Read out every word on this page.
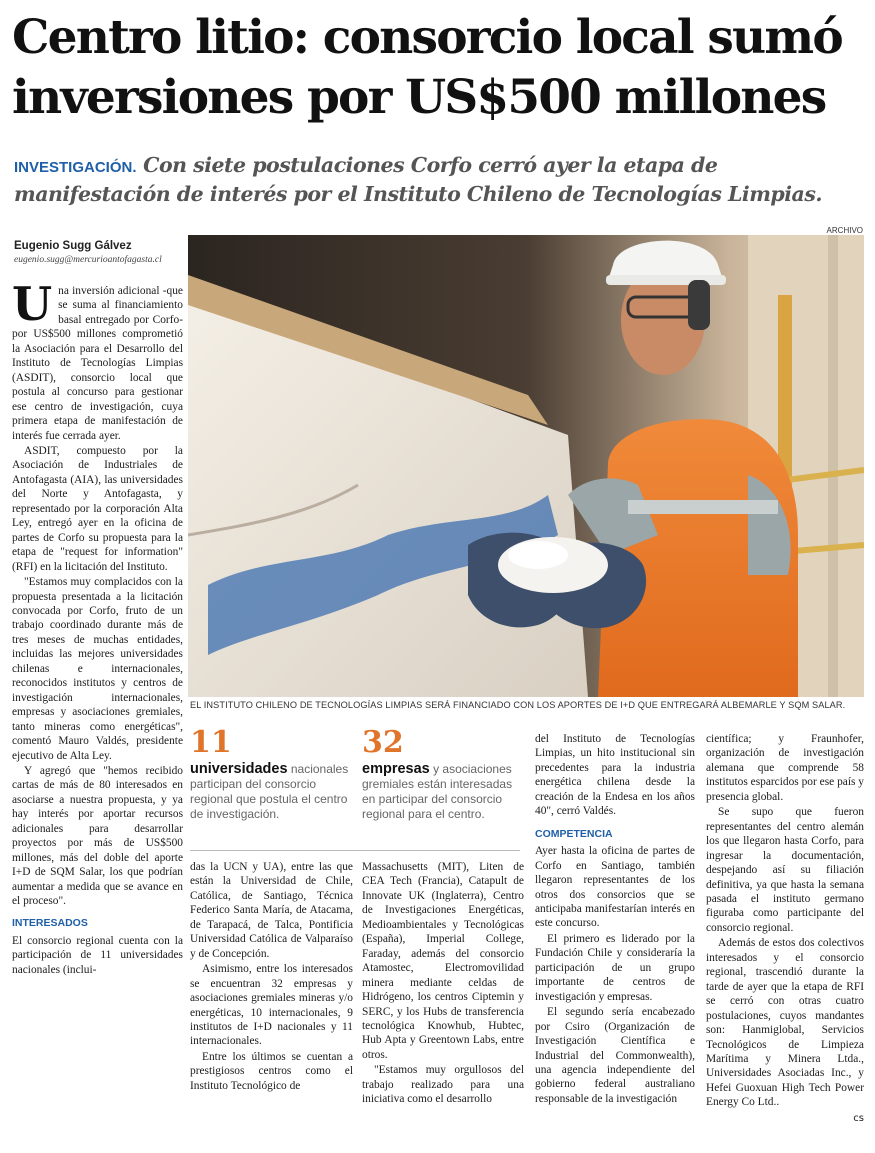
Centro litio: consorcio local sumó
inversiones por US$500 millones
INVESTIGACIÓN. Con siete postulaciones Corfo cerró ayer la etapa de manifestación de interés por el Instituto Chileno de Tecnologías Limpias.
Eugenio Sugg Gálvez
eugenio.sugg@mercurioantofagasta.cl
ARCHIVO
EL INSTITUTO CHILENO DE TECNOLOGÍAS LIMPIAS SERÁ FINANCIADO CON LOS APORTES DE I+D QUE ENTREGARÁ ALBEMARLE Y SQM SALAR.

Una inversión adicional -que se suma al financiamiento basal entregado por Corfo- por US$500 millones comprometió la Asociación para el Desarrollo del Instituto de Tecnologías Limpias (ASDIT), consorcio local que postula al concurso para gestionar ese centro de investigación, cuya primera etapa de manifestación de interés fue cerrada ayer.

ASDIT, compuesto por la Asociación de Industriales de Antofagasta (AIA), las universidades del Norte y Antofagasta, y representado por la corporación Alta Ley, entregó ayer en la oficina de partes de Corfo su propuesta para la etapa de "request for information" (RFI) en la licitación del Instituto.

"Estamos muy complacidos con la propuesta presentada a la licitación convocada por Corfo, fruto de un trabajo coordinado durante más de tres meses de muchas entidades, incluidas las mejores universidades chilenas e internacionales, reconocidos institutos y centros de investigación internacionales, empresas y asociaciones gremiales, tanto mineras como energéticas", comentó Mauro Valdés, presidente ejecutivo de Alta Ley.

Y agregó que "hemos recibido cartas de más de 80 interesados en asociarse a nuestra propuesta, y ya hay interés por aportar recursos adicionales para desarrollar proyectos por más de US$500 millones, más del doble del aporte I+D de SQM Salar, los que podrían aumentar a medida que se avance en el proceso".

INTERESADOS

El consorcio regional cuenta con la participación de 11 universidades nacionales (inclui-

11
universidades nacionales participan del consorcio regional que postula el centro de investigación.
32
empresas y asociaciones gremiales están interesadas en participar del consorcio regional para el centro.

das la UCN y UA), entre las que están la Universidad de Chile, Católica, de Santiago, Técnica Federico Santa María, de Atacama, de Tarapacá, de Talca, Pontificia Universidad Católica de Valparaíso y de Concepción.

Asimismo, entre los interesados se encuentran 32 empresas y asociaciones gremiales mineras y/o energéticas, 10 internacionales, 9 institutos de I+D nacionales y 11 internacionales.

Entre los últimos se cuentan a prestigiosos centros como el Instituto Tecnológico de

Massachusetts (MIT), Liten de CEA Tech (Francia), Catapult de Innovate UK (Inglaterra), Centro de Investigaciones Energéticas, Medioambientales y Tecnológicas (España), Imperial College, Faraday, además del consorcio Atamostec, Electromovilidad minera mediante celdas de Hidrógeno, los centros Ciptemin y SERC, y los Hubs de transferencia tecnológica Knowhub, Hubtec, Hub Apta y Greentown Labs, entre otros.

"Estamos muy orgullosos del trabajo realizado para una iniciativa como el desarrollo

del Instituto de Tecnologías Limpias, un hito institucional sin precedentes para la industria energética chilena desde la creación de la Endesa en los años 40", cerró Valdés.

COMPETENCIA

Ayer hasta la oficina de partes de Corfo en Santiago, también llegaron representantes de los otros dos consorcios que se anticipaba manifestarían interés en este concurso.

El primero es liderado por la Fundación Chile y consideraría la participación de un grupo importante de centros de investigación y empresas.

El segundo sería encabezado por Csiro (Organización de Investigación Científica e Industrial del Commonwealth), una agencia independiente del gobierno federal australiano responsable de la investigación

científica; y Fraunhofer, organización de investigación alemana que comprende 58 institutos esparcidos por ese país y presencia global.

Se supo que fueron representantes del centro alemán los que llegaron hasta Corfo, para ingresar la documentación, despejando así su filiación definitiva, ya que hasta la semana pasada el instituto germano figuraba como participante del consorcio regional.

Además de estos dos colectivos interesados y el consorcio regional, trascendió durante la tarde de ayer que la etapa de RFI se cerró con otras cuatro postulaciones, cuyos mandantes son: Hanmiglobal, Servicios Tecnológicos de Limpieza Marítima y Minera Ltda., Universidades Asociadas Inc., y Hefei Guoxuan High Tech Power Energy Co Ltd..

cs
